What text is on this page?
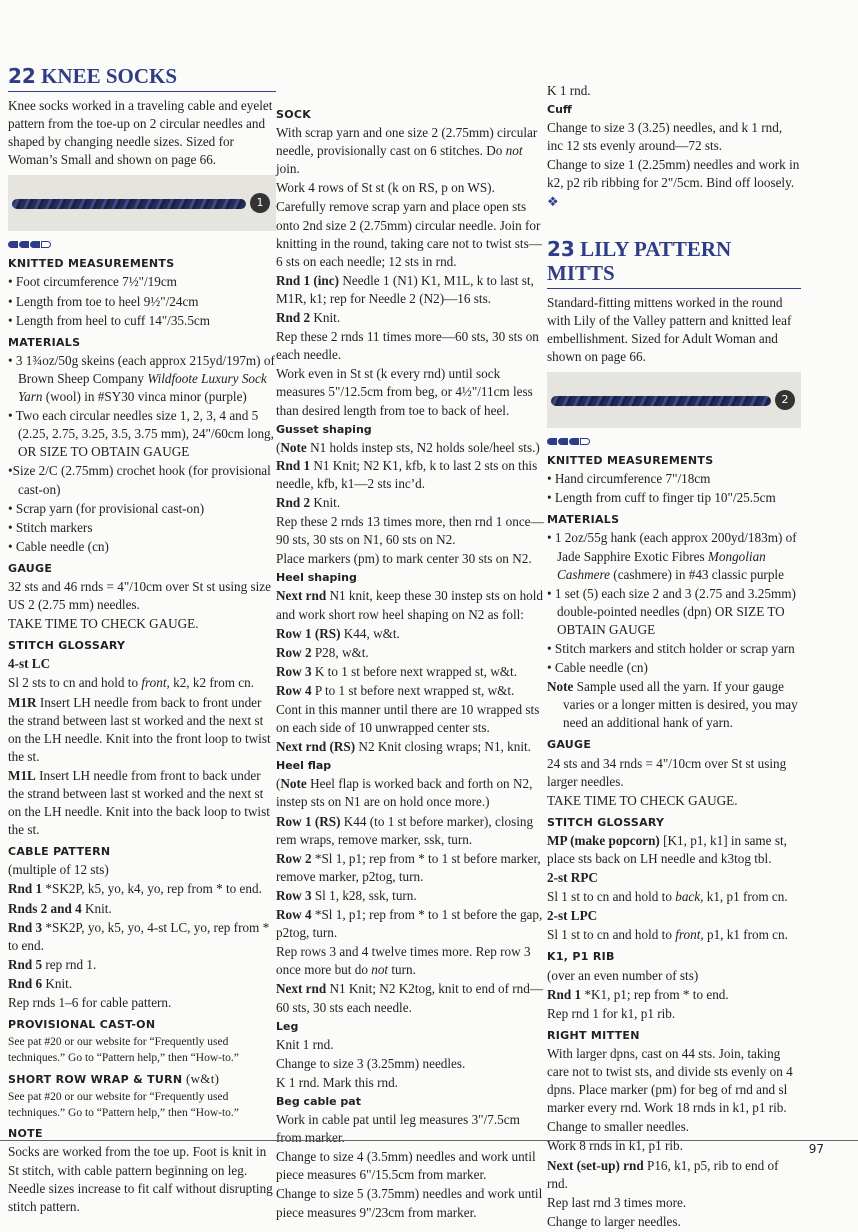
22 KNEE SOCKS

Knee socks worked in a traveling cable and eyelet pattern from the toe-up on 2 circular needles and shaped by changing needle sizes. Sized for Woman’s Small and shown on page 66.

1
KNITTED MEASUREMENTS

• Foot circumference 7½"/19cm

• Length from toe to heel 9½"/24cm

• Length from heel to cuff 14"/35.5cm

MATERIALS

• 3 1¾oz/50g skeins (each approx 215yd/197m) of Brown Sheep Company Wildfoote Luxury Sock Yarn (wool) in #SY30 vinca minor (purple)

• Two each circular needles size 1, 2, 3, 4 and 5 (2.25, 2.75, 3.25, 3.5, 3.75 mm), 24"/60cm long, OR SIZE TO OBTAIN GAUGE

•Size 2/C (2.75mm) crochet hook (for provisional cast-on)

• Scrap yarn (for provisional cast-on)

• Stitch markers

• Cable needle (cn)

GAUGE

32 sts and 46 rnds = 4"/10cm over St st using size US 2 (2.75 mm) needles.

TAKE TIME TO CHECK GAUGE.

STITCH GLOSSARY

4-st LC

Sl 2 sts to cn and hold to front, k2, k2 from cn.

M1R Insert LH needle from back to front under the strand between last st worked and the next st on the LH needle. Knit into the front loop to twist the st.

M1L Insert LH needle from front to back under the strand between last st worked and the next st on the LH needle. Knit into the back loop to twist the st.

CABLE PATTERN

(multiple of 12 sts)

Rnd 1 *SK2P, k5, yo, k4, yo, rep from * to end.

Rnds 2 and 4 Knit.

Rnd 3 *SK2P, yo, k5, yo, 4-st LC, yo, rep from * to end.

Rnd 5 rep rnd 1.

Rnd 6 Knit.

Rep rnds 1–6 for cable pattern.

PROVISIONAL CAST-ON

See pat #20 or our website for “Frequently used techniques.” Go to “Pattern help,” then “How-to.”

SHORT ROW WRAP & TURN (w&t)

See pat #20 or our website for “Frequently used techniques.” Go to “Pattern help,” then “How-to.”

NOTE

Socks are worked from the toe up. Foot is knit in St stitch, with cable pattern beginning on leg. Needle sizes increase to fit calf without disrupting stitch pattern.

SOCK

With scrap yarn and one size 2 (2.75mm) circular needle, provisionally cast on 6 stitches. Do not join.

Work 4 rows of St st (k on RS, p on WS).

Carefully remove scrap yarn and place open sts onto 2nd size 2 (2.75mm) circular needle. Join for knitting in the round, taking care not to twist sts—6 sts on each needle; 12 sts in rnd.

Rnd 1 (inc) Needle 1 (N1) K1, M1L, k to last st, M1R, k1; rep for Needle 2 (N2)—16 sts.

Rnd 2 Knit.

Rep these 2 rnds 11 times more—60 sts, 30 sts on each needle.

Work even in St st (k every rnd) until sock measures 5"/12.5cm from beg, or 4½"/11cm less than desired length from toe to back of heel.

Gusset shaping

(Note N1 holds instep sts, N2 holds sole/heel sts.) Rnd 1 N1 Knit; N2 K1, kfb, k to last 2 sts on this needle, kfb, k1—2 sts inc’d.

Rnd 2 Knit.

Rep these 2 rnds 13 times more, then rnd 1 once—90 sts, 30 sts on N1, 60 sts on N2.

Place markers (pm) to mark center 30 sts on N2.

Heel shaping

Next rnd N1 knit, keep these 30 instep sts on hold and work short row heel shaping on N2 as foll:

Row 1 (RS) K44, w&t.

Row 2 P28, w&t.

Row 3 K to 1 st before next wrapped st, w&t.

Row 4 P to 1 st before next wrapped st, w&t.

Cont in this manner until there are 10 wrapped sts on each side of 10 unwrapped center sts.

Next rnd (RS) N2 Knit closing wraps; N1, knit.

Heel flap

(Note Heel flap is worked back and forth on N2, instep sts on N1 are on hold once more.)

Row 1 (RS) K44 (to 1 st before marker), closing rem wraps, remove marker, ssk, turn.

Row 2 *Sl 1, p1; rep from * to 1 st before marker, remove marker, p2tog, turn.

Row 3 Sl 1, k28, ssk, turn.

Row 4 *Sl 1, p1; rep from * to 1 st before the gap, p2tog, turn.

Rep rows 3 and 4 twelve times more. Rep row 3 once more but do not turn.

Next rnd N1 Knit; N2 K2tog, knit to end of rnd—60 sts, 30 sts each needle.

Leg

Knit 1 rnd.

Change to size 3 (3.25mm) needles.

K 1 rnd. Mark this rnd.

Beg cable pat

Work in cable pat until leg measures 3"/7.5cm from marker.

Change to size 4 (3.5mm) needles and work until piece measures 6"/15.5cm from marker.

Change to size 5 (3.75mm) needles and work until piece measures 9"/23cm from marker.

K 1 rnd.

Cuff

Change to size 3 (3.25) needles, and k 1 rnd, inc 12 sts evenly around—72 sts.

Change to size 1 (2.25mm) needles and work in k2, p2 rib ribbing for 2"/5cm. Bind off loosely. ❖

23 LILY PATTERN MITTS

Standard-fitting mittens worked in the round with Lily of the Valley pattern and knitted leaf embellishment. Sized for Adult Woman and shown on page 66.

2
KNITTED MEASUREMENTS

• Hand circumference 7"/18cm

• Length from cuff to finger tip 10"/25.5cm

MATERIALS

• 1 2oz/55g hank (each approx 200yd/183m) of Jade Sapphire Exotic Fibres Mongolian Cashmere (cashmere) in #43 classic purple

• 1 set (5) each size 2 and 3 (2.75 and 3.25mm) double-pointed needles (dpn) OR SIZE TO OBTAIN GAUGE

• Stitch markers and stitch holder or scrap yarn

• Cable needle (cn)

Note Sample used all the yarn. If your gauge varies or a longer mitten is desired, you may need an additional hank of yarn.

GAUGE

24 sts and 34 rnds = 4"/10cm over St st using larger needles.

TAKE TIME TO CHECK GAUGE.

STITCH GLOSSARY

MP (make popcorn) [K1, p1, k1] in same st, place sts back on LH needle and k3tog tbl.

2-st RPC

Sl 1 st to cn and hold to back, k1, p1 from cn.

2-st LPC

Sl 1 st to cn and hold to front, p1, k1 from cn.

K1, P1 RIB

(over an even number of sts)

Rnd 1 *K1, p1; rep from * to end.

Rep rnd 1 for k1, p1 rib.

RIGHT MITTEN

With larger dpns, cast on 44 sts. Join, taking care not to twist sts, and divide sts evenly on 4 dpns. Place marker (pm) for beg of rnd and sl marker every rnd. Work 18 rnds in k1, p1 rib.

Change to smaller needles.

Work 8 rnds in k1, p1 rib.

Next (set-up) rnd P16, k1, p5, rib to end of rnd.

Rep last rnd 3 times more.

Change to larger needles.

97
